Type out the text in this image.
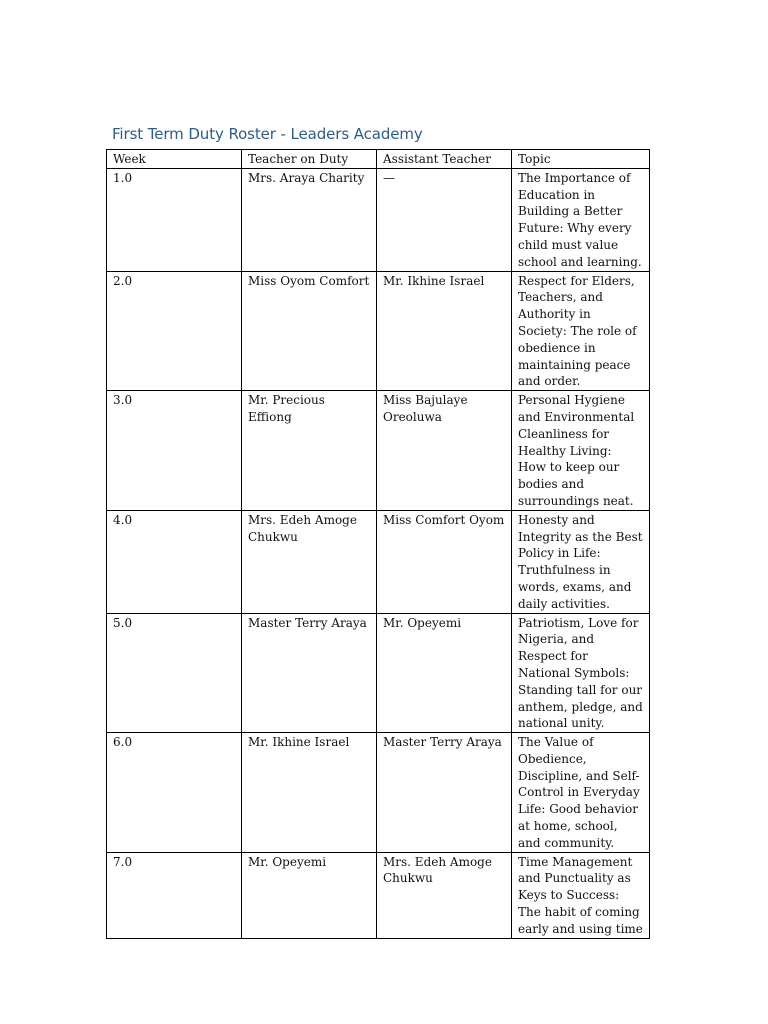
First Term Duty Roster - Leaders Academy
Week	Teacher on Duty	Assistant Teacher	Topic
1.0	Mrs. Araya Charity	—	The Importance of Education in Building a Better Future: Why every child must value school and learning.
2.0	Miss Oyom Comfort	Mr. Ikhine Israel	Respect for Elders, Teachers, and Authority in Society: The role of obedience in maintaining peace and order.
3.0	Mr. Precious Effiong	Miss Bajulaye Oreoluwa	Personal Hygiene and Environmental Cleanliness for Healthy Living: How to keep our bodies and surroundings neat.
4.0	Mrs. Edeh Amoge Chukwu	Miss Comfort Oyom	Honesty and Integrity as the Best Policy in Life: Truthfulness in words, exams, and daily activities.
5.0	Master Terry Araya	Mr. Opeyemi	Patriotism, Love for Nigeria, and Respect for National Symbols: Standing tall for our anthem, pledge, and national unity.
6.0	Mr. Ikhine Israel	Master Terry Araya	The Value of Obedience, Discipline, and Self-Control in Everyday Life: Good behavior at home, school, and community.
7.0	Mr. Opeyemi	Mrs. Edeh Amoge Chukwu	Time Management and Punctuality as Keys to Success: The habit of coming early and using time
